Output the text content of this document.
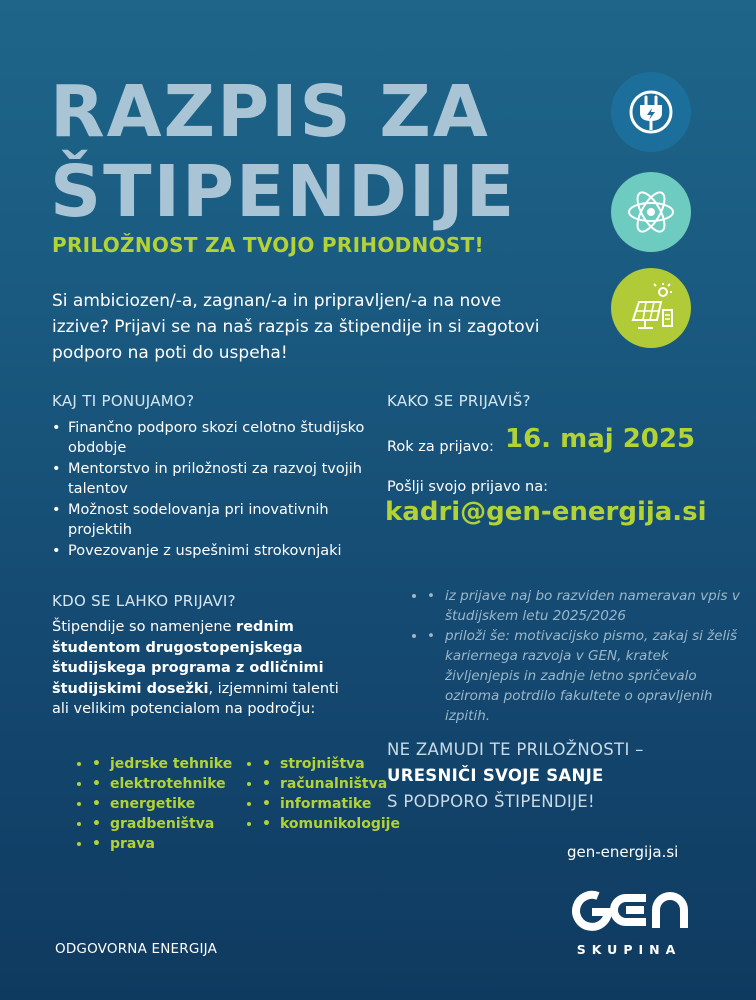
RAZPIS ZA
ŠTIPENDIJE
PRILOŽNOST ZA TVOJO PRIHODNOST!
Si ambiciozen/-a, zagnan/-a in pripravljen/-a na nove izzive? Prijavi se na naš razpis za štipendije in si zagotovi podporo na poti do uspeha!
KAJ TI PONUJAMO?
• Finančno podporo skozi celotno študijsko obdobje
• Mentorstvo in priložnosti za razvoj tvojih talentov
• Možnost sodelovanja pri inovativnih projektih
• Povezovanje z uspešnimi strokovnjaki
KDO SE LAHKO PRIJAVI?
Štipendije so namenjene rednim študentom drugostopenjskega študijskega programa z odličnimi študijskimi dosežki, izjemnimi talenti ali velikim potencialom na področju:
• • jedrske tehnike
• • elektrotehnike
• • energetike
• • gradbeništva
• • prava
• • strojništva
• • računalništva
• • informatike
• • komunikologije
KAKO SE PRIJAVIŠ?
Rok za prijavo: 16. maj 2025
Pošlji svojo prijavo na:
kadri@gen-energija.si
• • iz prijave naj bo razviden nameravan vpis v študijskem letu 2025/2026
• • priloži še: motivacijsko pismo, zakaj si želiš kariernega razvoja v GEN, kratek življenjepis in zadnje letno spričevalo oziroma potrdilo fakultete o opravljenih izpitih.
NE ZAMUDI TE PRILOŽNOSTI –
URESNIČI SVOJE SANJE
S PODPORO ŠTIPENDIJE!
gen-energija.si
SKUPINA
ODGOVORNA ENERGIJA
